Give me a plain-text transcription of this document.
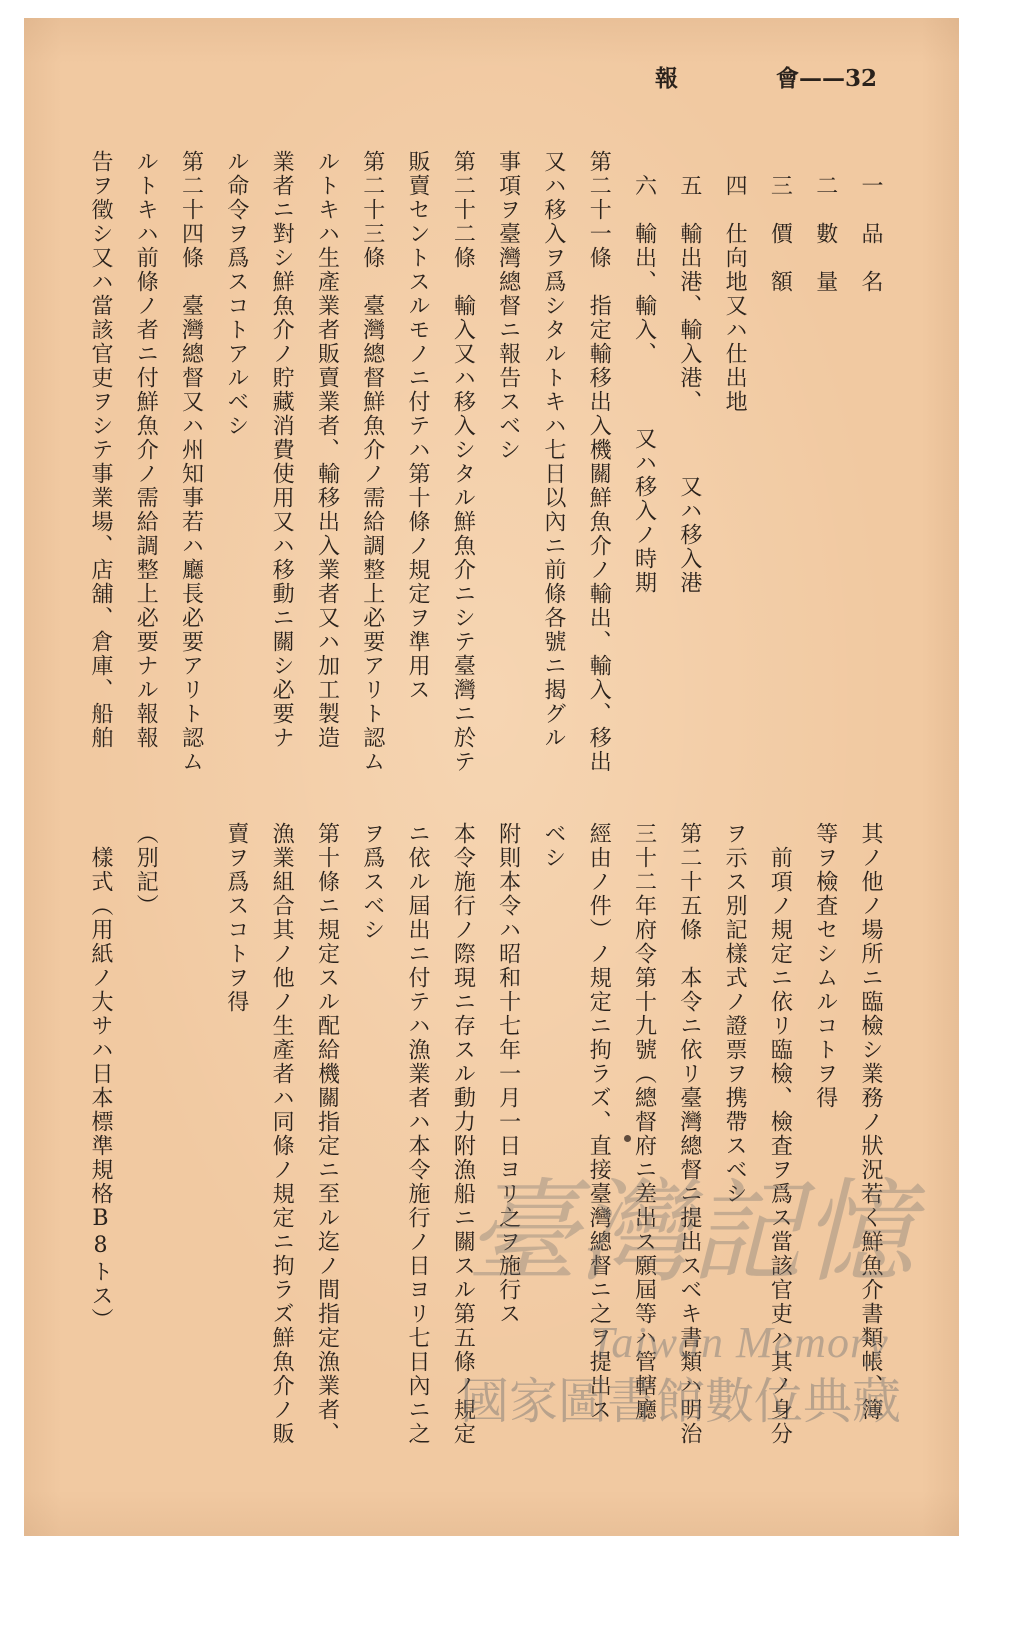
報	會——32

一　品　名

二　數　量

三　價　額

四　仕向地又ハ仕出地

五　輸出港、輸入港、　　　又ハ移入港

六　輸出、輸入、　　　又ハ移入ノ時期

第二十一條　指定輸移出入機關鮮魚介ノ輸出、輸入、移出

又ハ移入ヲ爲シタルトキハ七日以內ニ前條各號ニ揭グル

事項ヲ臺灣總督ニ報告スベシ

第二十二條　輸入又ハ移入シタル鮮魚介ニシテ臺灣ニ於テ

販賣セントスルモノニ付テハ第十條ノ規定ヲ準用ス

第二十三條　臺灣總督鮮魚介ノ需給調整上必要アリト認ム

ルトキハ生產業者販賣業者、輸移出入業者又ハ加工製造

業者ニ對シ鮮魚介ノ貯藏消費使用又ハ移動ニ關シ必要ナ

ル命令ヲ爲スコトアルベシ

第二十四條　臺灣總督又ハ州知事若ハ廳長必要アリト認ム

ルトキハ前條ノ者ニ付鮮魚介ノ需給調整上必要ナル報報

告ヲ徵シ又ハ當該官吏ヲシテ事業場、店舖、倉庫、船舶

其ノ他ノ場所ニ臨檢シ業務ノ狀況若く鮮魚介書類帳、簿

等ヲ檢査セシムルコトヲ得

前項ノ規定ニ依リ臨檢、檢査ヲ爲ス當該官吏ハ其ノ身分

ヲ示ス別記樣式ノ證票ヲ携帶スベシ

第二十五條　本令ニ依リ臺灣總督ニ提出スベキ書類ハ明治

三十二年府令第十九號（總督府ニ差出ス願屆等ハ管轄廳

經由ノ件）ノ規定ニ拘ラズ、直接臺灣總督ニ之ヲ提出ス

ベシ

附則本令ハ昭和十七年一月一日ヨリ之ヲ施行ス

本令施行ノ際現ニ存スル動力附漁船ニ關スル第五條ノ規定

ニ依ル屆出ニ付テハ漁業者ハ本令施行ノ日ヨリ七日內ニ之

ヲ爲スベシ

第十條ニ規定スル配給機關指定ニ至ル迄ノ間指定漁業者、

漁業組合其ノ他ノ生產者ハ同條ノ規定ニ拘ラズ鮮魚介ノ販

賣ヲ爲スコトヲ得

（別記）

樣式（用紙ノ大サハ日本標準規格B8トス）	臺灣記憶
Taiwan Memory
國家圖書館數位典藏
